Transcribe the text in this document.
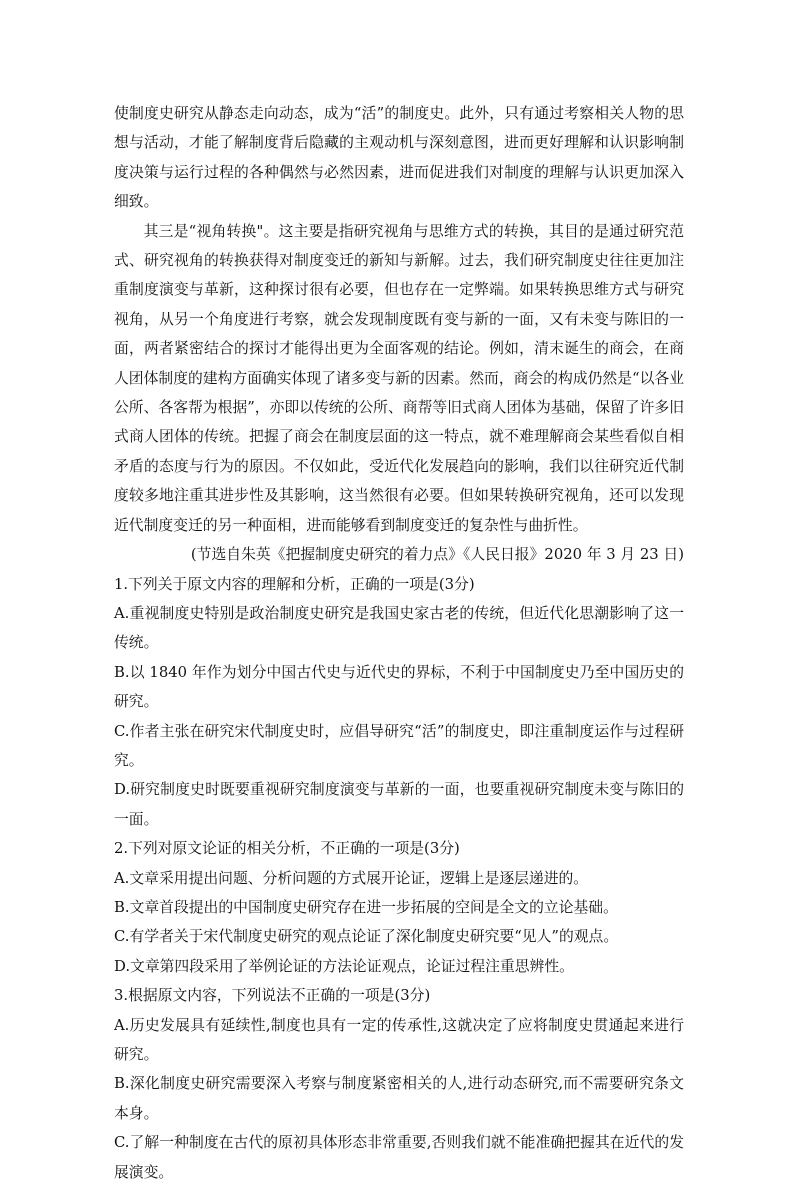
使制度史研究从静态走向动态，成为“活”的制度史。此外，只有通过考察相关人物的思想与活动，才能了解制度背后隐藏的主观动机与深刻意图，进而更好理解和认识影响制度决策与运行过程的各种偶然与必然因素，进而促进我们对制度的理解与认识更加深入细致。

其三是“视角转换"。这主要是指研究视角与思维方式的转换，其目的是通过研究范式、研究视角的转换获得对制度变迁的新知与新解。过去，我们研究制度史往往更加注重制度演变与革新，这种探讨很有必要，但也存在一定弊端。如果转换思维方式与研究视角，从另一个角度进行考察，就会发现制度既有变与新的一面，又有未变与陈旧的一面，两者紧密结合的探讨才能得出更为全面客观的结论。例如，清末诞生的商会，在商人团体制度的建构方面确实体现了诸多变与新的因素。然而，商会的构成仍然是“以各业公所、各客帮为根据”，亦即以传统的公所、商帮等旧式商人团体为基础，保留了许多旧式商人团体的传统。把握了商会在制度层面的这一特点，就不难理解商会某些看似自相矛盾的态度与行为的原因。不仅如此，受近代化发展趋向的影响，我们以往研究近代制度较多地注重其进步性及其影响，这当然很有必要。但如果转换研究视角，还可以发现近代制度变迁的另一种面相，进而能够看到制度变迁的复杂性与曲折性。

(节选自朱英《把握制度史研究的着力点》《人民日报》2020 年 3 月 23 日)

1.下列关于原文内容的理解和分析，正确的一项是(3分)

A.重视制度史特别是政治制度史研究是我国史家古老的传统，但近代化思潮影响了这一传统。

B.以 1840 年作为划分中国古代史与近代史的界标，不利于中国制度史乃至中国历史的研究。

C.作者主张在研究宋代制度史时，应倡导研究“活”的制度史，即注重制度运作与过程研究。

D.研究制度史时既要重视研究制度演变与革新的一面，也要重视研究制度未变与陈旧的一面。

2.下列对原文论证的相关分析，不正确的一项是(3分)

A.文章采用提出问题、分析问题的方式展开论证，逻辑上是逐层递进的。

B.文章首段提出的中国制度史研究存在进一步拓展的空间是全文的立论基础。

C.有学者关于宋代制度史研究的观点论证了深化制度史研究要“见人”的观点。

D.文章第四段采用了举例论证的方法论证观点，论证过程注重思辨性。

3.根据原文内容，下列说法不正确的一项是(3分)

A.历史发展具有延续性,制度也具有一定的传承性,这就决定了应将制度史贯通起来进行研究。

B.深化制度史研究需要深入考察与制度紧密相关的人,进行动态研究,而不需要研究条文本身。

C.了解一种制度在古代的原初具体形态非常重要,否则我们就不能准确把握其在近代的发展演变。
